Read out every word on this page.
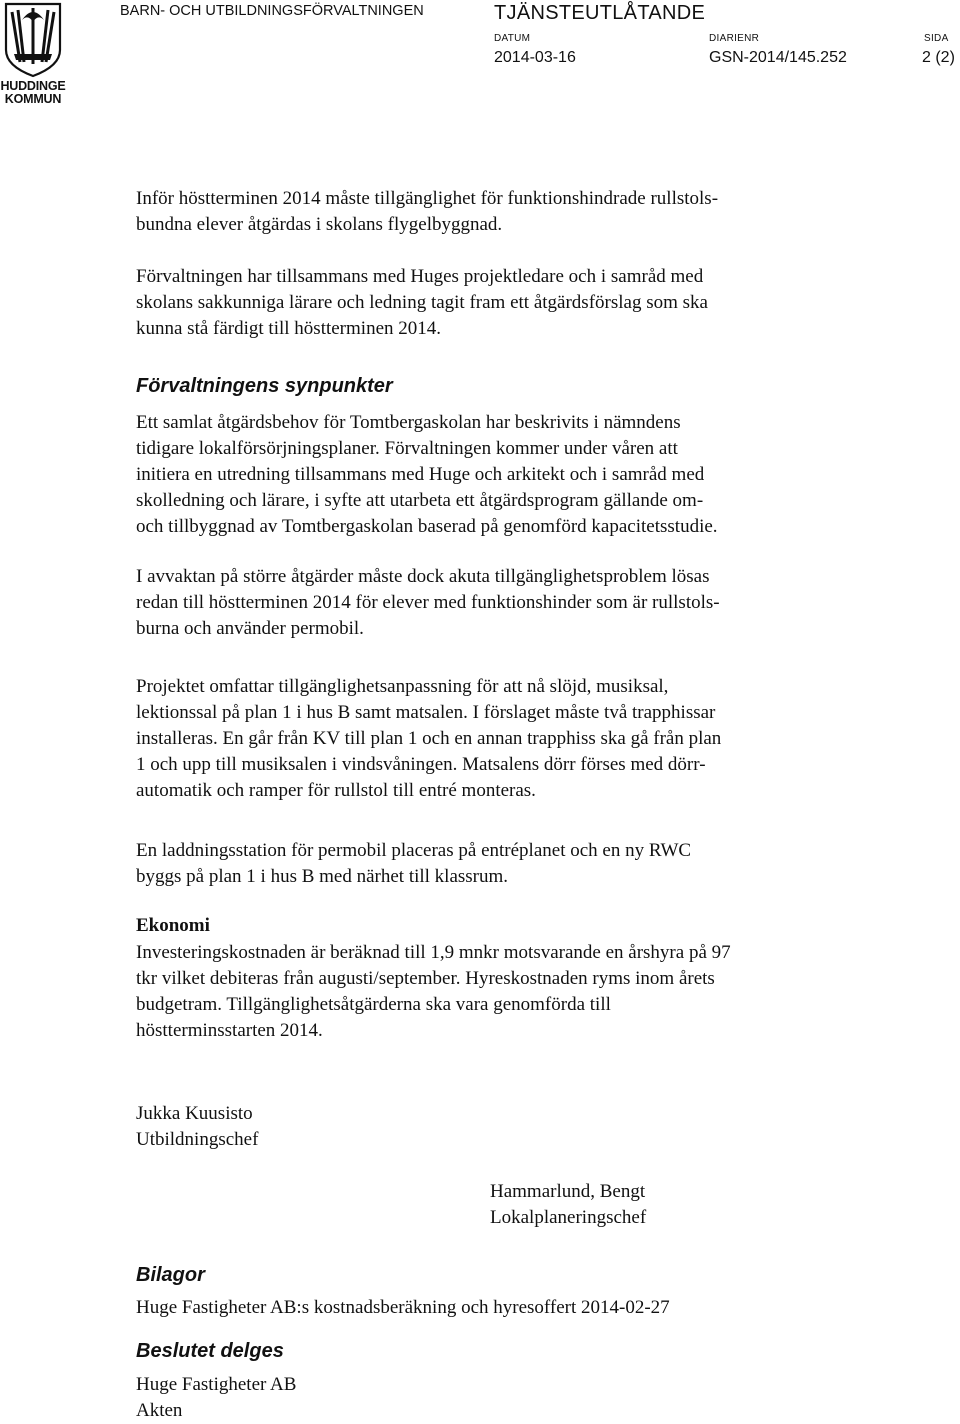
HUDDINGE
KOMMUN
BARN- OCH UTBILDNINGSFÖRVALTNINGEN	TJÄNSTEUTLÅTANDE
DATUM
2014-03-16
DIARIENR
GSN-2014/145.252
SIDA
2 (2)
Inför höstterminen 2014 måste tillgänglighet för funktionshindrade rullstols-
bundna elever åtgärdas i skolans flygelbyggnad.
Förvaltningen har tillsammans med Huges projektledare och i samråd med
skolans sakkunniga lärare och ledning tagit fram ett åtgärdsförslag som ska
kunna stå färdigt till höstterminen 2014.
Förvaltningens synpunkter
Ett samlat åtgärdsbehov för Tomtbergaskolan har beskrivits i nämndens
tidigare lokalförsörjningsplaner. Förvaltningen kommer under våren att
initiera en utredning tillsammans med Huge och arkitekt och i samråd med
skolledning och lärare, i syfte att utarbeta ett åtgärdsprogram gällande om-
och tillbyggnad av Tomtbergaskolan baserad på genomförd kapacitetsstudie.
I avvaktan på större åtgärder måste dock akuta tillgänglighetsproblem lösas
redan till höstterminen 2014 för elever med funktionshinder som är rullstols-
burna och använder permobil.
Projektet omfattar tillgänglighetsanpassning för att nå slöjd, musiksal,
lektionssal på plan 1 i hus B samt matsalen. I förslaget måste två trapphissar
installeras. En går från KV till plan 1 och en annan trapphiss ska gå från plan
1 och upp till musiksalen i vindsvåningen. Matsalens dörr förses med dörr-
automatik och ramper för rullstol till entré monteras.
En laddningsstation för permobil placeras på entréplanet och en ny RWC
byggs på plan 1 i hus B med närhet till klassrum.
Ekonomi
Investeringskostnaden är beräknad till 1,9 mnkr motsvarande en årshyra på 97
tkr vilket debiteras från augusti/september. Hyreskostnaden ryms inom årets
budgetram. Tillgänglighetsåtgärderna ska vara genomförda till
höstterminsstarten 2014.
Jukka Kuusisto
Utbildningschef
Hammarlund, Bengt
Lokalplaneringschef
Bilagor
Huge Fastigheter AB:s kostnadsberäkning och hyresoffert 2014-02-27
Beslutet delges
Huge Fastigheter AB
Akten
